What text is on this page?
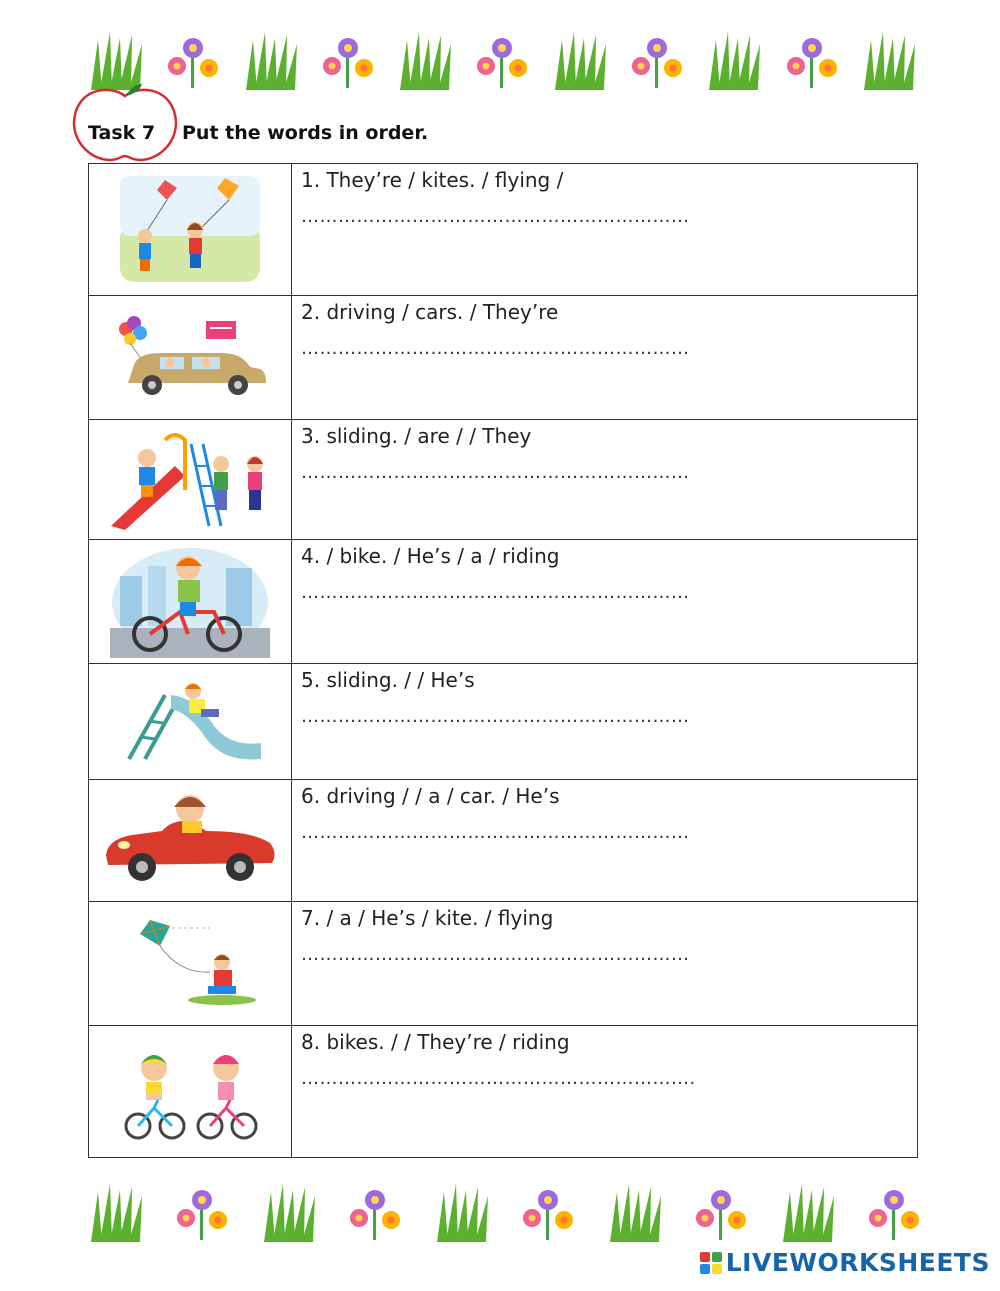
Task 7 Put the words in order.
1. They’re / kites. / flying /
………………………………………………………
2. driving / cars. / They’re
………………………………………………………
3. sliding. / are / / They
………………………………………………………
4. / bike. / He’s / a / riding
………………………………………………………
5. sliding. / / He’s
………………………………………………………
6. driving / / a / car. / He’s
………………………………………………………
7. / a / He’s / kite. / flying
………………………………………………………
8. bikes. / / They’re / riding
……………………………………………………….
LIVEWORKSHEETS
